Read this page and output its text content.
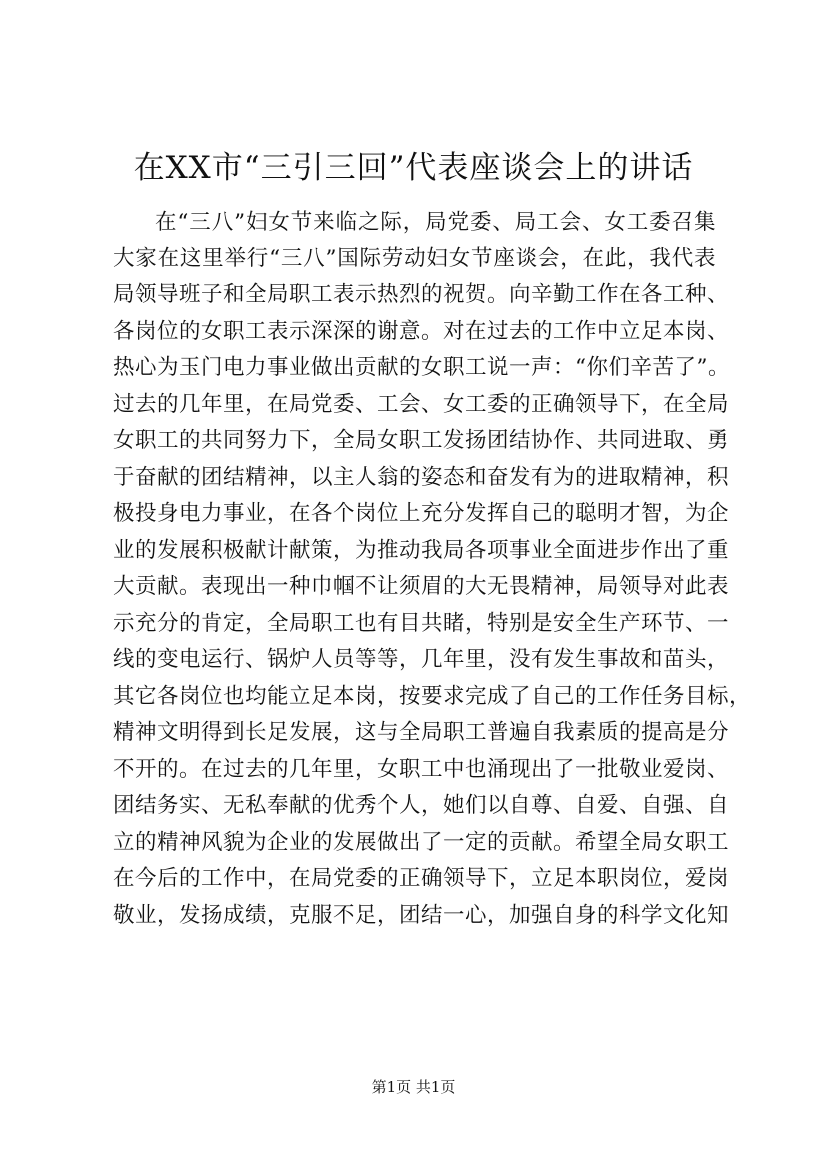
在XX市“三引三回”代表座谈会上的讲话
在“三八”妇女节来临之际，局党委、局工会、女工委召集
大家在这里举行“三八”国际劳动妇女节座谈会，在此，我代表
局领导班子和全局职工表示热烈的祝贺。向辛勤工作在各工种、
各岗位的女职工表示深深的谢意。对在过去的工作中立足本岗、
热心为玉门电力事业做出贡献的女职工说一声：“你们辛苦了”。
过去的几年里，在局党委、工会、女工委的正确领导下，在全局
女职工的共同努力下，全局女职工发扬团结协作、共同进取、勇
于奋献的团结精神，以主人翁的姿态和奋发有为的进取精神，积
极投身电力事业，在各个岗位上充分发挥自己的聪明才智，为企
业的发展积极献计献策，为推动我局各项事业全面进步作出了重
大贡献。表现出一种巾帼不让须眉的大无畏精神，局领导对此表
示充分的肯定，全局职工也有目共睹，特别是安全生产环节、一
线的变电运行、锅炉人员等等，几年里，没有发生事故和苗头，
其它各岗位也均能立足本岗，按要求完成了自己的工作任务目标，
精神文明得到长足发展，这与全局职工普遍自我素质的提高是分
不开的。在过去的几年里，女职工中也涌现出了一批敬业爱岗、
团结务实、无私奉献的优秀个人，她们以自尊、自爱、自强、自
立的精神风貌为企业的发展做出了一定的贡献。希望全局女职工
在今后的工作中，在局党委的正确领导下，立足本职岗位，爱岗
敬业，发扬成绩，克服不足，团结一心，加强自身的科学文化知
第1页 共1页
